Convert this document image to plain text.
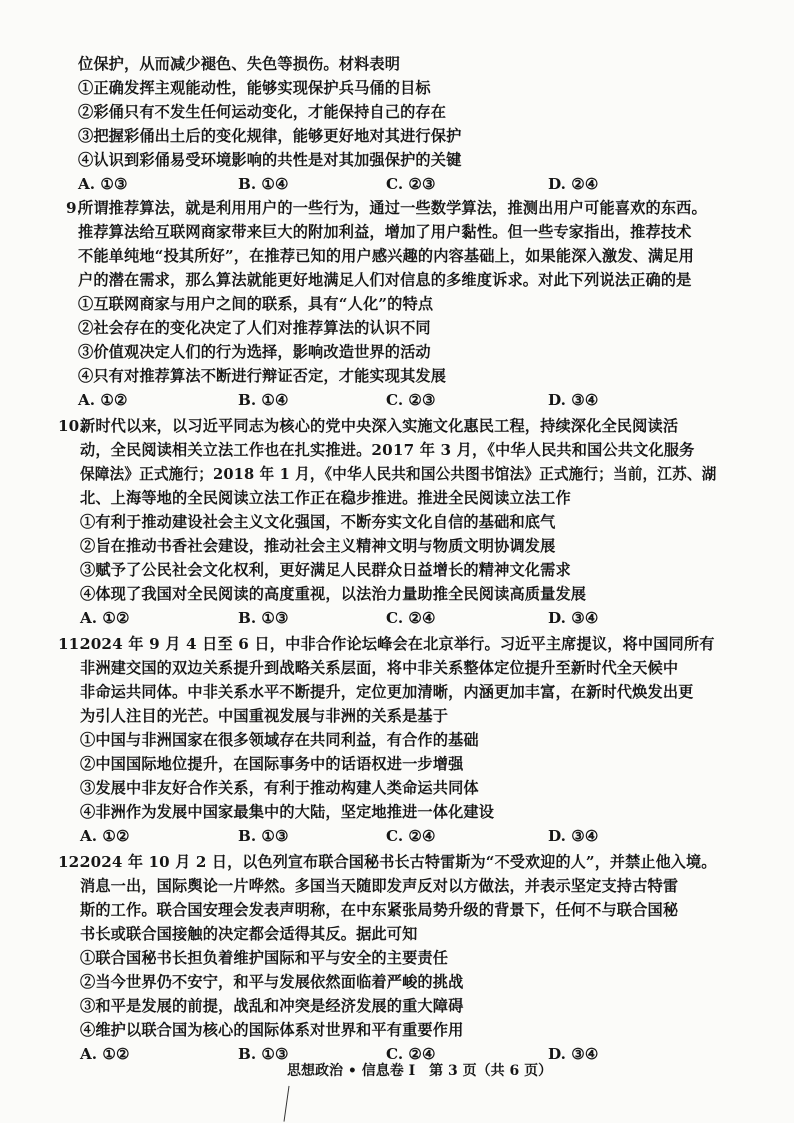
位保护，从而减少褪色、失色等损伤。材料表明
①正确发挥主观能动性，能够实现保护兵马俑的目标
②彩俑只有不发生任何运动变化，才能保持自己的存在
③把握彩俑出土后的变化规律，能够更好地对其进行保护
④认识到彩俑易受环境影响的共性是对其加强保护的关键
A. ①③	B. ①④	C. ②③	D. ②④
9.
所谓推荐算法，就是利用用户的一些行为，通过一些数学算法，推测出用户可能喜欢的东西。
推荐算法给互联网商家带来巨大的附加利益，增加了用户黏性。但一些专家指出，推荐技术
不能单纯地“投其所好”，在推荐已知的用户感兴趣的内容基础上，如果能深入激发、满足用
户的潜在需求，那么算法就能更好地满足人们对信息的多维度诉求。对此下列说法正确的是
①互联网商家与用户之间的联系，具有“人化”的特点
②社会存在的变化决定了人们对推荐算法的认识不同
③价值观决定人们的行为选择，影响改造世界的活动
④只有对推荐算法不断进行辩证否定，才能实现其发展
A. ①②	B. ①④	C. ②③	D. ③④
10.
新时代以来，以习近平同志为核心的党中央深入实施文化惠民工程，持续深化全民阅读活
动，全民阅读相关立法工作也在扎实推进。2017 年 3 月，《中华人民共和国公共文化服务
保障法》正式施行；2018 年 1 月，《中华人民共和国公共图书馆法》正式施行；当前，江苏、湖
北、上海等地的全民阅读立法工作正在稳步推进。推进全民阅读立法工作
①有利于推动建设社会主义文化强国，不断夯实文化自信的基础和底气
②旨在推动书香社会建设，推动社会主义精神文明与物质文明协调发展
③赋予了公民社会文化权利，更好满足人民群众日益增长的精神文化需求
④体现了我国对全民阅读的高度重视，以法治力量助推全民阅读高质量发展
A. ①②	B. ①③	C. ②④	D. ③④
11.
2024 年 9 月 4 日至 6 日，中非合作论坛峰会在北京举行。习近平主席提议，将中国同所有
非洲建交国的双边关系提升到战略关系层面，将中非关系整体定位提升至新时代全天候中
非命运共同体。中非关系水平不断提升，定位更加清晰，内涵更加丰富，在新时代焕发出更
为引人注目的光芒。中国重视发展与非洲的关系是基于
①中国与非洲国家在很多领域存在共同利益，有合作的基础
②中国国际地位提升，在国际事务中的话语权进一步增强
③发展中非友好合作关系，有利于推动构建人类命运共同体
④非洲作为发展中国家最集中的大陆，坚定地推进一体化建设
A. ①②	B. ①③	C. ②④	D. ③④
12.
2024 年 10 月 2 日，以色列宣布联合国秘书长古特雷斯为“不受欢迎的人”，并禁止他入境。
消息一出，国际舆论一片哗然。多国当天随即发声反对以方做法，并表示坚定支持古特雷
斯的工作。联合国安理会发表声明称，在中东紧张局势升级的背景下，任何不与联合国秘
书长或联合国接触的决定都会适得其反。据此可知
①联合国秘书长担负着维护国际和平与安全的主要责任
②当今世界仍不安宁，和平与发展依然面临着严峻的挑战
③和平是发展的前提，战乱和冲突是经济发展的重大障碍
④维护以联合国为核心的国际体系对世界和平有重要作用
A. ①②	B. ①③	C. ②④	D. ③④
思想政治 • 信息卷 Ⅰ 第 3 页（共 6 页）
